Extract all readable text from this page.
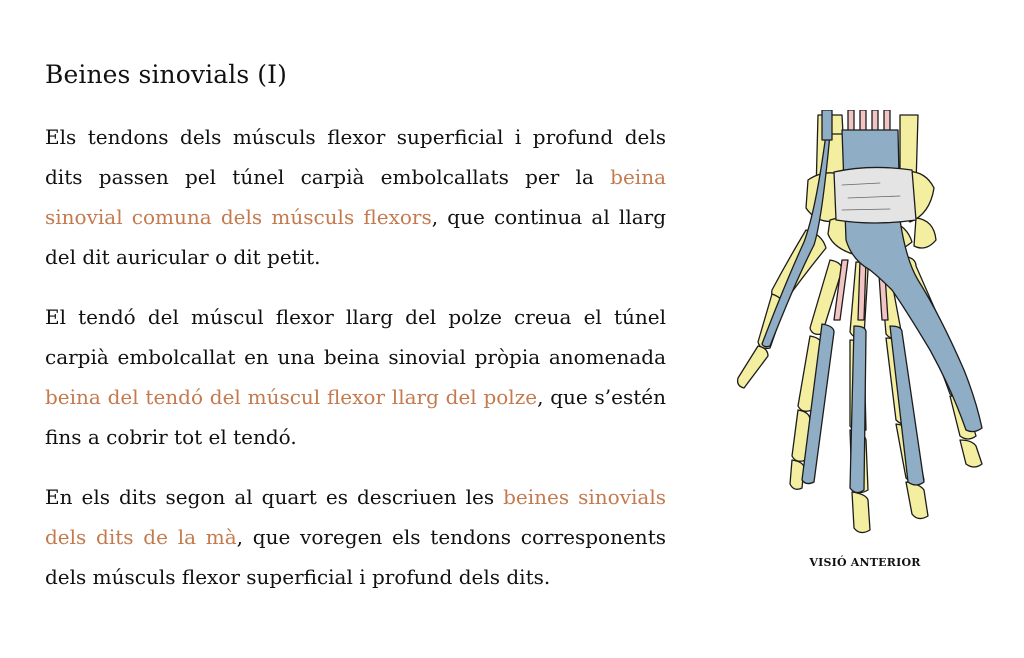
Beines sinovials (I)

Els tendons dels músculs flexor superficial i profund dels dits passen pel túnel carpià embolcallats per la beina sinovial comuna dels músculs flexors, que continua al llarg del dit auricular o dit petit.

El tendó del múscul flexor llarg del polze creua el túnel carpià embolcallat en una beina sinovial pròpia anomenada beina del tendó del múscul flexor llarg del polze, que s’estén fins a cobrir tot el tendó.

En els dits segon al quart es descriuen les beines sinovials dels dits de la mà, que voregen els tendons corresponents dels músculs flexor superficial i profund dels dits.

VISIÓ ANTERIOR
